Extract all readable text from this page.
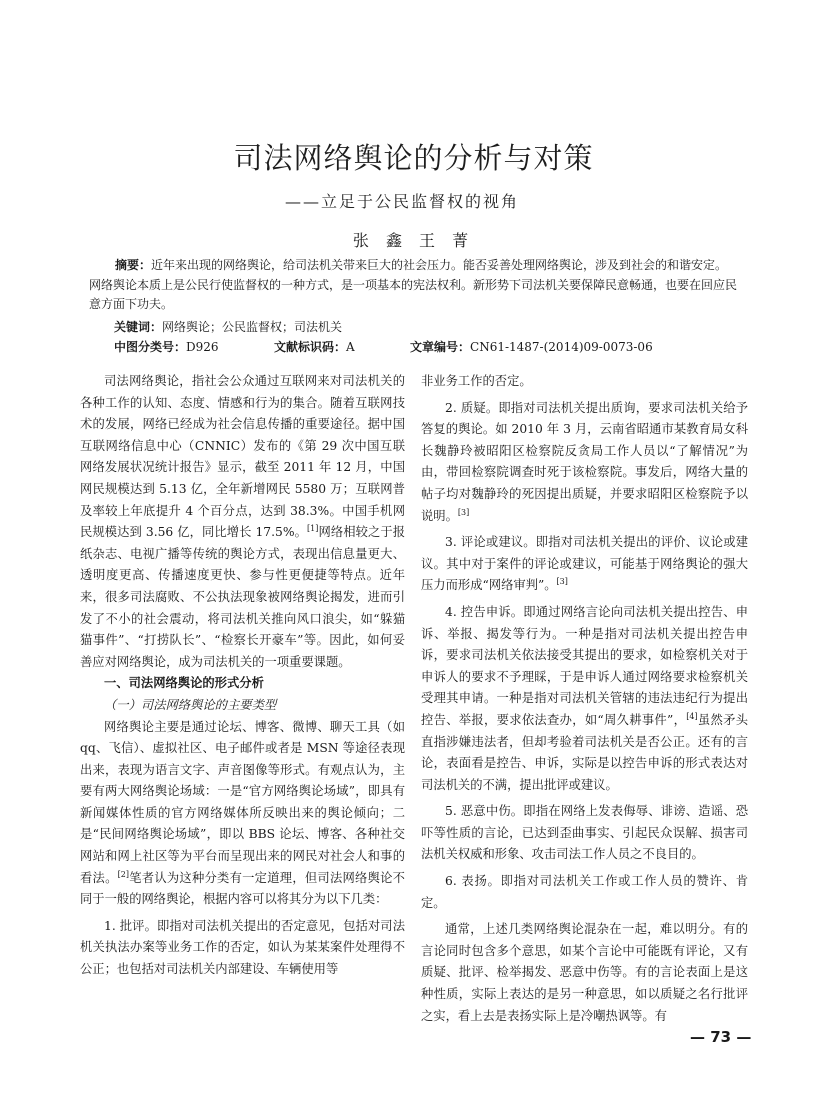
司法网络舆论的分析与对策
——立足于公民监督权的视角
张 鑫 王 菁
摘要：近年来出现的网络舆论，给司法机关带来巨大的社会压力。能否妥善处理网络舆论，涉及到社会的和谐安定。网络舆论本质上是公民行使监督权的一种方式，是一项基本的宪法权利。新形势下司法机关要保障民意畅通，也要在回应民意方面下功夫。
关键词：网络舆论；公民监督权；司法机关
中图分类号：D926	文献标识码：A	文章编号：CN61-1487-(2014)09-0073-06

司法网络舆论，指社会公众通过互联网来对司法机关的各种工作的认知、态度、情感和行为的集合。随着互联网技术的发展，网络已经成为社会信息传播的重要途径。据中国互联网络信息中心（CNNIC）发布的《第 29 次中国互联网络发展状况统计报告》显示，截至 2011 年 12 月，中国网民规模达到 5.13 亿，全年新增网民 5580 万；互联网普及率较上年底提升 4 个百分点，达到 38.3%。中国手机网民规模达到 3.56 亿，同比增长 17.5%。[1]网络相较之于报纸杂志、电视广播等传统的舆论方式，表现出信息量更大、透明度更高、传播速度更快、参与性更便捷等特点。近年来，很多司法腐败、不公执法现象被网络舆论揭发，进而引发了不小的社会震动，将司法机关推向风口浪尖，如“躲猫猫事件”、“打捞队长”、“检察长开豪车”等。因此，如何妥善应对网络舆论，成为司法机关的一项重要课题。

一、司法网络舆论的形式分析
（一）司法网络舆论的主要类型

网络舆论主要是通过论坛、博客、微博、聊天工具（如qq、飞信）、虚拟社区、电子邮件或者是 MSN 等途径表现出来，表现为语言文字、声音图像等形式。有观点认为，主要有两大网络舆论场域：一是“官方网络舆论场域”，即具有新闻媒体性质的官方网络媒体所反映出来的舆论倾向；二是“民间网络舆论场域”，即以 BBS 论坛、博客、各种社交网站和网上社区等为平台而呈现出来的网民对社会人和事的看法。[2]笔者认为这种分类有一定道理，但司法网络舆论不同于一般的网络舆论，根据内容可以将其分为以下几类：

1. 批评。即指对司法机关提出的否定意见，包括对司法机关执法办案等业务工作的否定，如认为某某案件处理得不公正；也包括对司法机关内部建设、车辆使用等

非业务工作的否定。

2. 质疑。即指对司法机关提出质询，要求司法机关给予答复的舆论。如 2010 年 3 月，云南省昭通市某教育局女科长魏静玲被昭阳区检察院反贪局工作人员以“了解情况”为由，带回检察院调查时死于该检察院。事发后，网络大量的帖子均对魏静玲的死因提出质疑，并要求昭阳区检察院予以说明。[3]

3. 评论或建议。即指对司法机关提出的评价、议论或建议。其中对于案件的评论或建议，可能基于网络舆论的强大压力而形成“网络审判”。[3]

4. 控告申诉。即通过网络言论向司法机关提出控告、申诉、举报、揭发等行为。一种是指对司法机关提出控告申诉，要求司法机关依法接受其提出的要求，如检察机关对于申诉人的要求不予理睬，于是申诉人通过网络要求检察机关受理其申请。一种是指对司法机关管辖的违法违纪行为提出控告、举报，要求依法查办，如“周久耕事件”，[4]虽然矛头直指涉嫌违法者，但却考验着司法机关是否公正。还有的言论，表面看是控告、申诉，实际是以控告申诉的形式表达对司法机关的不满，提出批评或建议。

5. 恶意中伤。即指在网络上发表侮辱、诽谤、造谣、恐吓等性质的言论，已达到歪曲事实、引起民众误解、损害司法机关权威和形象、攻击司法工作人员之不良目的。

6. 表扬。即指对司法机关工作或工作人员的赞许、肯定。

通常，上述几类网络舆论混杂在一起，难以明分。有的言论同时包含多个意思，如某个言论中可能既有评论，又有质疑、批评、检举揭发、恶意中伤等。有的言论表面上是这种性质，实际上表达的是另一种意思，如以质疑之名行批评之实，看上去是表扬实际上是冷嘲热讽等。有

— 73 —
